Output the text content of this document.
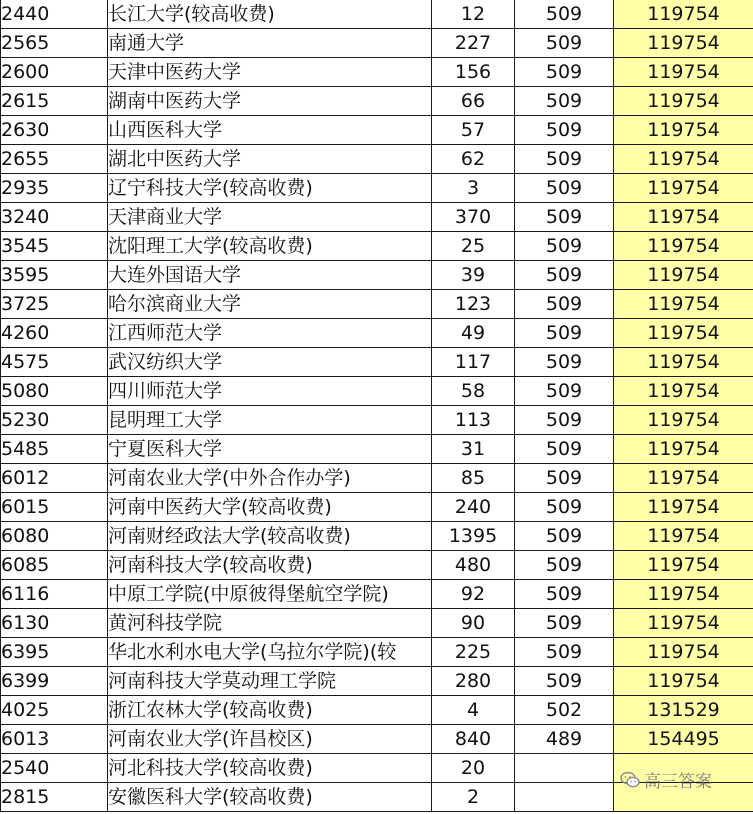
2440	长江大学(较高收费)	12	509	119754
2565	南通大学	227	509	119754
2600	天津中医药大学	156	509	119754
2615	湖南中医药大学	66	509	119754
2630	山西医科大学	57	509	119754
2655	湖北中医药大学	62	509	119754
2935	辽宁科技大学(较高收费)	3	509	119754
3240	天津商业大学	370	509	119754
3545	沈阳理工大学(较高收费)	25	509	119754
3595	大连外国语大学	39	509	119754
3725	哈尔滨商业大学	123	509	119754
4260	江西师范大学	49	509	119754
4575	武汉纺织大学	117	509	119754
5080	四川师范大学	58	509	119754
5230	昆明理工大学	113	509	119754
5485	宁夏医科大学	31	509	119754
6012	河南农业大学(中外合作办学)	85	509	119754
6015	河南中医药大学(较高收费)	240	509	119754
6080	河南财经政法大学(较高收费)	1395	509	119754
6085	河南科技大学(较高收费)	480	509	119754
6116	中原工学院(中原彼得堡航空学院)	92	509	119754
6130	黄河科技学院	90	509	119754
6395	华北水利水电大学(乌拉尔学院)(较	225	509	119754
6399	河南科技大学莫动理工学院	280	509	119754
4025	浙江农林大学(较高收费)	4	502	131529
6013	河南农业大学(许昌校区)	840	489	154495
2540	河北科技大学(较高收费)	20		
2815	安徽医科大学(较高收费)	2		
高三答案
